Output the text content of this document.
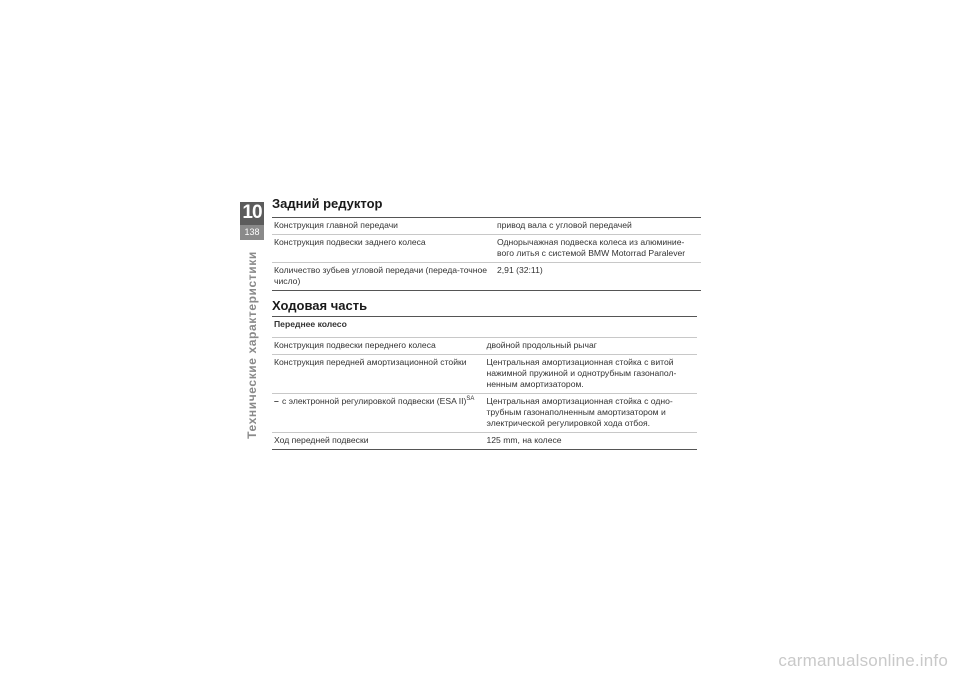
10
138
Технические характеристики
Задний редуктор
Конструкция главной передачи	привод вала с угловой передачей
Конструкция подвески заднего колеса	Однорычажная подвеска колеса из алюминие-вого литья с системой BMW Motorrad Paralever
Количество зубьев угловой передачи (переда-точное число)	2,91 (32:11)
Ходовая часть
Переднее колесо	
Конструкция подвески переднего колеса	двойной продольный рычаг
Конструкция передней амортизационной стойки	Центральная амортизационная стойка с витой нажимной пружиной и однотрубным газонапол-ненным амортизатором.
– с электронной регулировкой подвески (ESA II)$^{SA}$	Центральная амортизационная стойка с одно-трубным газонаполненным амортизатором и электрической регулировкой хода отбоя.
Ход передней подвески	125 mm, на колесе
carmanualsonline.info
